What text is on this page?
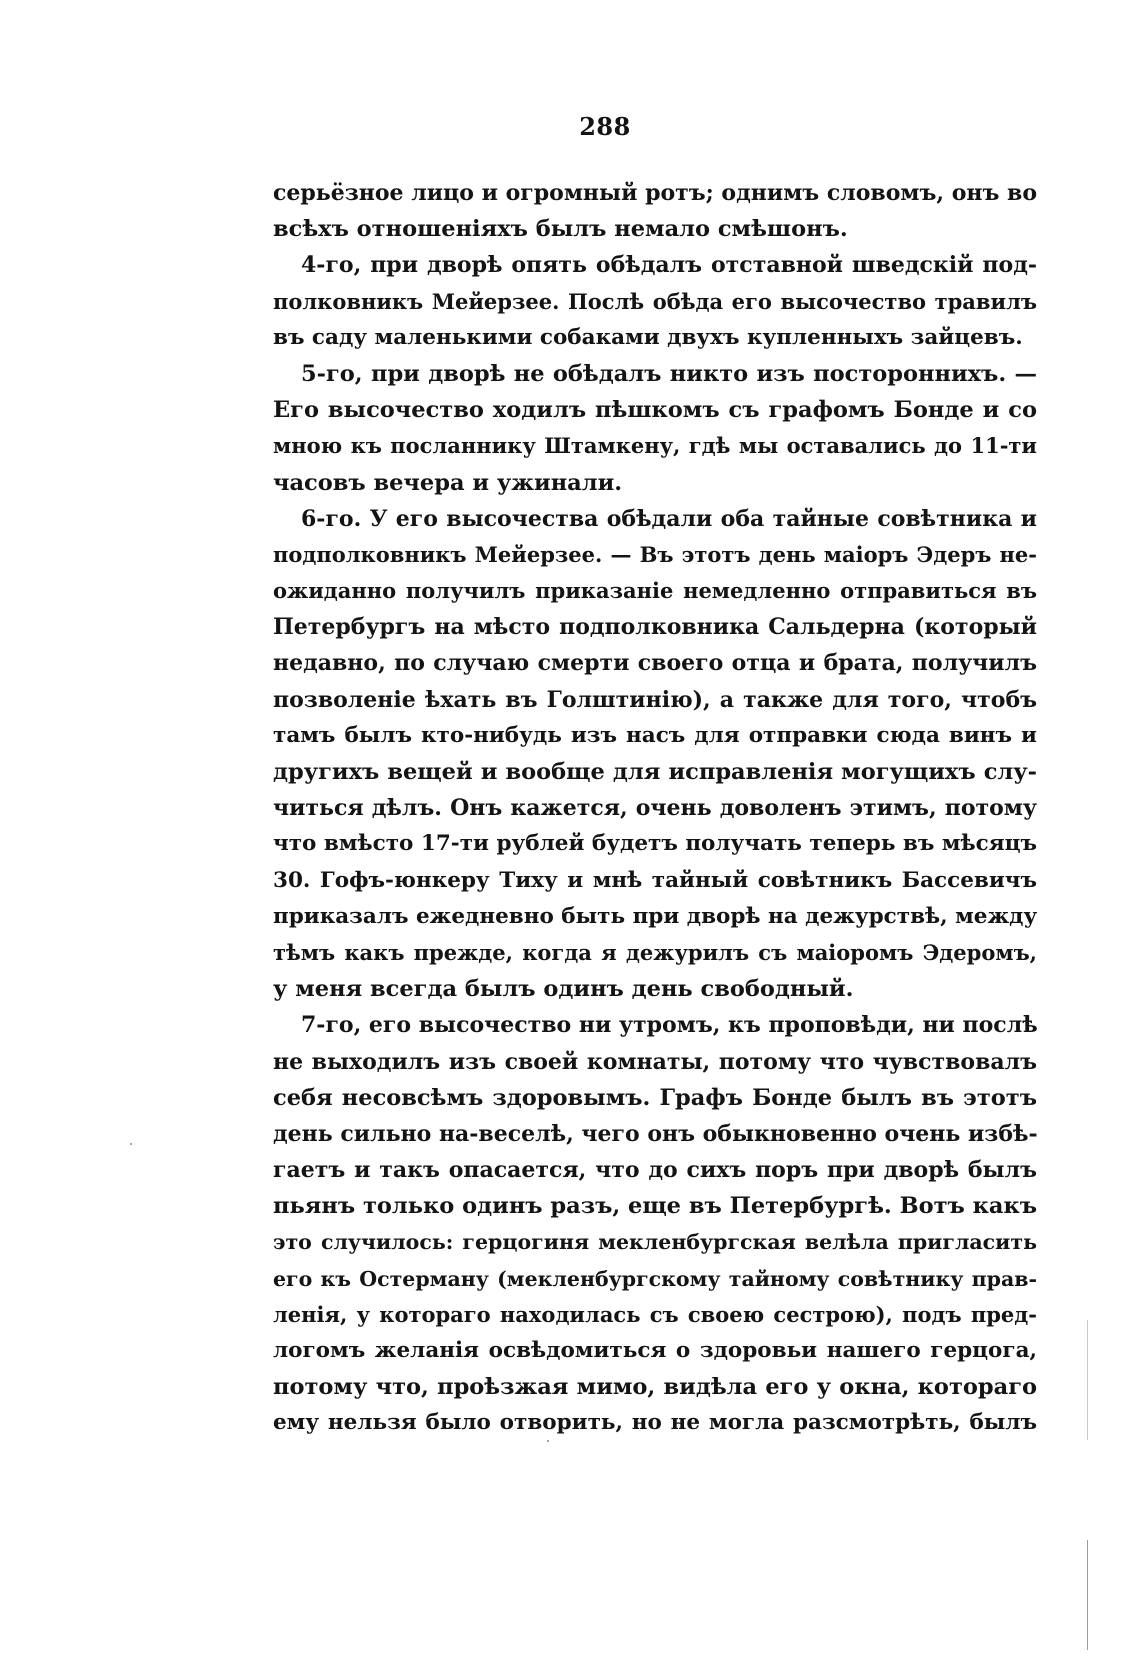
288
серьёзное лицо и огромный ротъ; однимъ словомъ, онъ во
всѣхъ отношеніяхъ былъ немало смѣшонъ.
4-го, при дворѣ опять обѣдалъ отставной шведскій под-
полковникъ Мейерзее. Послѣ обѣда его высочество травилъ
въ саду маленькими собаками двухъ купленныхъ зайцевъ.
5-го, при дворѣ не обѣдалъ никто изъ постороннихъ. —
Его высочество ходилъ пѣшкомъ съ графомъ Бонде и со
мною къ посланнику Штамкену, гдѣ мы оставались до 11-ти
часовъ вечера и ужинали.
6-го. У его высочества обѣдали оба тайные совѣтника и
подполковникъ Мейерзее. — Въ этотъ день маіоръ Эдеръ не-
ожиданно получилъ приказаніе немедленно отправиться въ
Петербургъ на мѣсто подполковника Сальдерна (который
недавно, по случаю смерти своего отца и брата, получилъ
позволеніе ѣхать въ Голштинію), а также для того, чтобъ
тамъ былъ кто-нибудь изъ насъ для отправки сюда винъ и
другихъ вещей и вообще для исправленія могущихъ слу-
читься дѣлъ. Онъ кажется, очень доволенъ этимъ, потому
что вмѣсто 17-ти рублей будетъ получать теперь въ мѣсяцъ
30. Гофъ-юнкеру Тиху и мнѣ тайный совѣтникъ Бассевичъ
приказалъ ежедневно быть при дворѣ на дежурствѣ, между
тѣмъ какъ прежде, когда я дежурилъ съ маіоромъ Эдеромъ,
у меня всегда былъ одинъ день свободный.
7-го, его высочество ни утромъ, къ проповѣди, ни послѣ
не выходилъ изъ своей комнаты, потому что чувствовалъ
себя несовсѣмъ здоровымъ. Графъ Бонде былъ въ этотъ
день сильно на-веселѣ, чего онъ обыкновенно очень избѣ-
гаетъ и такъ опасается, что до сихъ поръ при дворѣ былъ
пьянъ только одинъ разъ, еще въ Петербургѣ. Вотъ какъ
это случилось: герцогиня мекленбургская велѣла пригласить
его къ Остерману (мекленбургскому тайному совѣтнику прав-
ленія, у котораго находилась съ своею сестрою), подъ пред-
логомъ желанія освѣдомиться о здоровьи нашего герцога,
потому что, проѣзжая мимо, видѣла его у окна, котораго
ему нельзя было отворить, но не могла разсмотрѣть, былъ
